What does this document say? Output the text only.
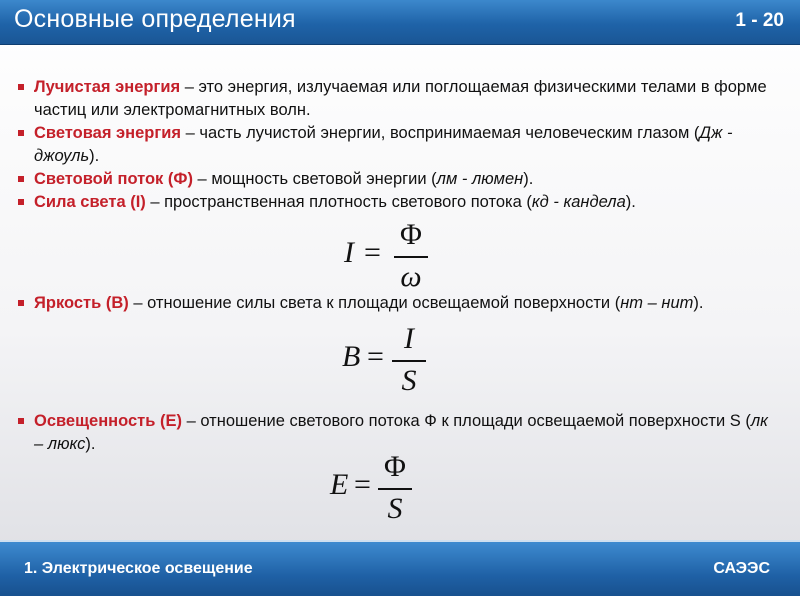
Основные определения	1 - 20
Лучистая энергия – это энергия, излучаемая или поглощаемая физическими телами в форме частиц или электромагнитных волн.
Световая энергия – часть лучистой энергии, воспринимаемая человеческим глазом (Дж - джоуль).
Световой поток (Ф) – мощность световой энергии (лм - люмен).
Сила света (I) – пространственная плотность светового потока (кд - кандела).
I =
Φ
ω
Яркость (B) – отношение силы света к площади освещаемой поверхности (нт – нит).
B =
I
S
Освещенность (E) – отношение светового потока Ф к площади освещаемой поверхности S (лк – люкс).
E =
Φ
S
1. Электрическое освещение	САЭЭС
